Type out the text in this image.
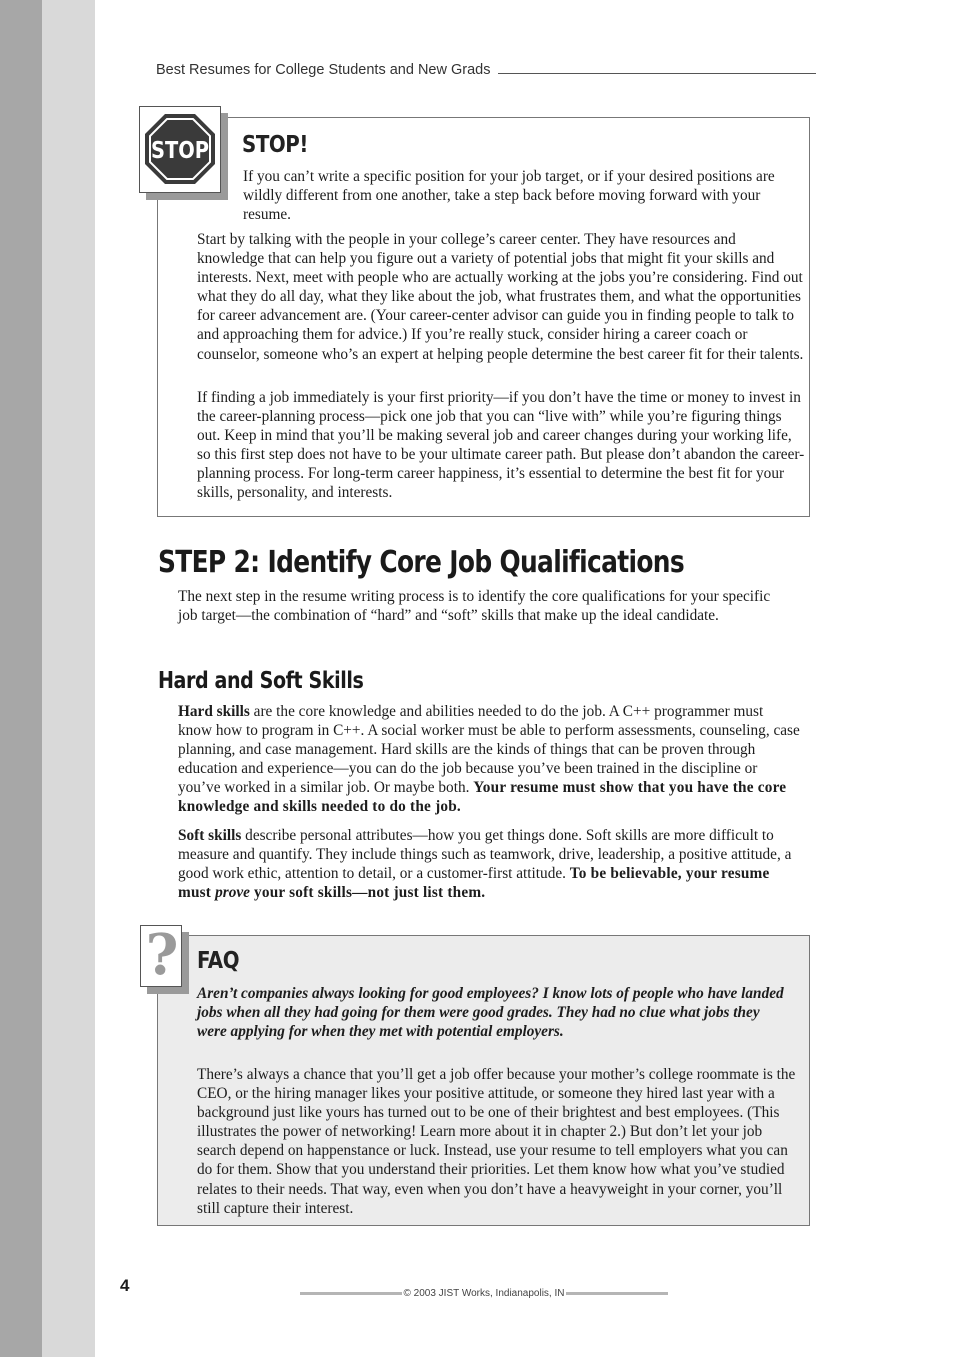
Best Resumes for College Students and New Grads
STOP STOP!

If you can’t write a specific position for your job target, or if your desired positions are wildly different from one another, take a step back before moving forward with your resume.

Start by talking with the people in your college’s career center. They have resources and knowledge that can help you figure out a variety of potential jobs that might fit your skills and interests. Next, meet with people who are actually working at the jobs you’re considering. Find out what they do all day, what they like about the job, what frustrates them, and what the opportunities for career advancement are. (Your career-center advisor can guide you in finding people to talk to and approaching them for advice.) If you’re really stuck, consider hiring a career coach or counselor, someone who’s an expert at helping people determine the best career fit for their talents.

If finding a job immediately is your first priority—if you don’t have the time or money to invest in the career-planning process—pick one job that you can “live with” while you’re figuring things out. Keep in mind that you’ll be making several job and career changes during your working life, so this first step does not have to be your ultimate career path. But please don’t abandon the career-planning process. For long-term career happiness, it’s essential to determine the best fit for your skills, personality, and interests.

STEP 2: Identify Core Job Qualifications

The next step in the resume writing process is to identify the core qualifications for your specific job target—the combination of “hard” and “soft” skills that make up the ideal candidate.

Hard and Soft Skills

Hard skills are the core knowledge and abilities needed to do the job. A C++ programmer must know how to program in C++. A social worker must be able to perform assessments, counseling, case planning, and case management. Hard skills are the kinds of things that can be proven through education and experience—you can do the job because you’ve been trained in the discipline or you’ve worked in a similar job. Or maybe both. Your resume must show that you have the core knowledge and skills needed to do the job.

Soft skills describe personal attributes—how you get things done. Soft skills are more difficult to measure and quantify. They include things such as teamwork, drive, leadership, a positive attitude, a good work ethic, attention to detail, or a customer-first attitude. To be believable, your resume must prove your soft skills—not just list them.

? FAQ

Aren’t companies always looking for good employees? I know lots of people who have landed jobs when all they had going for them were good grades. They had no clue what jobs they were applying for when they met with potential employers.

There’s always a chance that you’ll get a job offer because your mother’s college roommate is the CEO, or the hiring manager likes your positive attitude, or someone they hired last year with a background just like yours has turned out to be one of their brightest and best employees. (This illustrates the power of networking! Learn more about it in chapter 2.) But don’t let your job search depend on happenstance or luck. Instead, use your resume to tell employers what you can do for them. Show that you understand their priorities. Let them know how what you’ve studied relates to their needs. That way, even when you don’t have a heavyweight in your corner, you’ll still capture their interest.

4	© 2003 JIST Works, Indianapolis, IN
